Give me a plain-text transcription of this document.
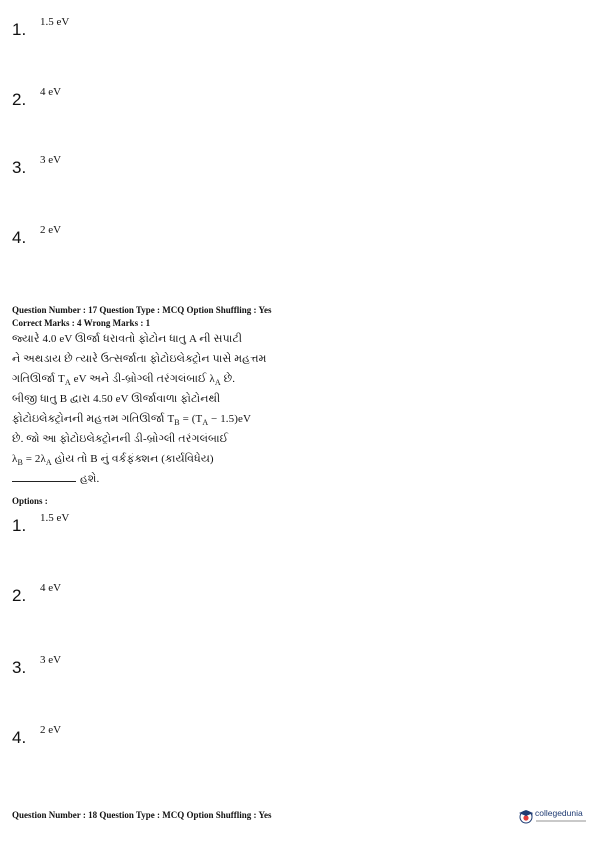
1. 1.5 eV
2. 4 eV
3. 3 eV
4. 2 eV
Question Number : 17 Question Type : MCQ Option Shuffling : Yes
Correct Marks : 4 Wrong Marks : 1
જ્યારે 4.0 eV ઊર્જા ધરાવતો ફોટોન ધાતુ A ની સપાટી
ને અથડાય છે ત્યારે ઉત્સર્જાતા ફોટોઇલેક્ટ્રોન પાસે મહત્તમ
ગતિઊર્જા $T_A$ eV અને ડી-બ્રોગ્લી તરંગલંબાઈ $\lambda_A$ છે.
બીજી ધાતુ B દ્વારા 4.50 eV ઊર્જાવાળા ફોટોનથી
ફોટોઇલેક્ટ્રોનની મહત્તમ ગતિઊર્જા $T_B = (T_A - 1.5)eV$
છે. જો આ ફોટોઇલેક્ટ્રોનની ડી-બ્રોગ્લી તરંગલંબાઈ
$\lambda_B = 2\lambda_A$ હોય તો B નું વર્કફંક્શન (કાર્યવિધેય)
હશે.
Options :
1. 1.5 eV
2. 4 eV
3. 3 eV
4. 2 eV
Question Number : 18 Question Type : MCQ Option Shuffling : Yes	collegedunia
